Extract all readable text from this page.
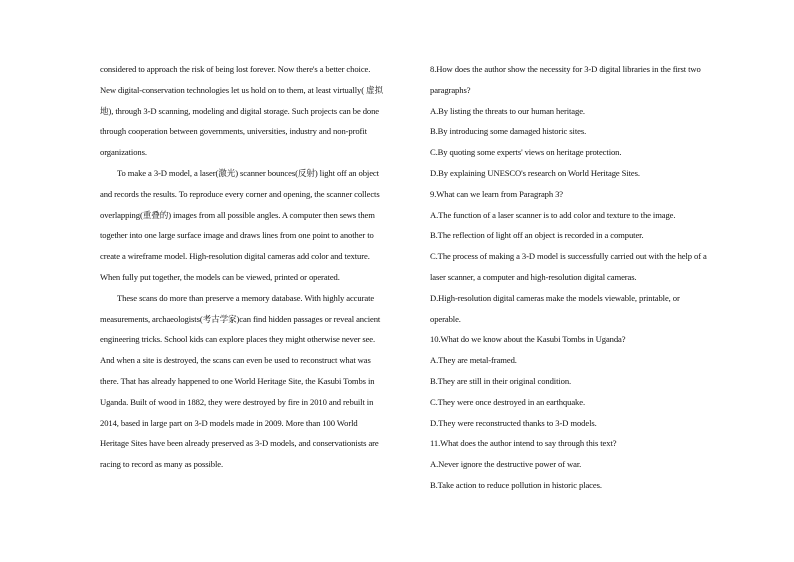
considered to approach the risk of being lost forever. Now there's a better choice.
New digital-conservation technologies let us hold on to them, at least virtually( 虚拟
地), through 3-D scanning, modeling and digital storage. Such projects can be done
through cooperation between governments, universities, industry and non-profit
organizations.
To make a 3-D model, a laser(激光) scanner bounces(反射) light off an object
and records the results. To reproduce every corner and opening, the scanner collects
overlapping(重叠的) images from all possible angles. A computer then sews them
together into one large surface image and draws lines from one point to another to
create a wireframe model. High-resolution digital cameras add color and texture.
When fully put together, the models can be viewed, printed or operated.
These scans do more than preserve a memory database. With highly accurate
measurements, archaeologists(考古学家)can find hidden passages or reveal ancient
engineering tricks. School kids can explore places they might otherwise never see.
And when a site is destroyed, the scans can even be used to reconstruct what was
there. That has already happened to one World Heritage Site, the Kasubi Tombs in
Uganda. Built of wood in 1882, they were destroyed by fire in 2010 and rebuilt in
2014, based in large part on 3-D models made in 2009. More than 100 World
Heritage Sites have been already preserved as 3-D models, and conservationists are
racing to record as many as possible.
8.How does the author show the necessity for 3-D digital libraries in the first two
paragraphs?
A.By listing the threats to our human heritage.
B.By introducing some damaged historic sites.
C.By quoting some experts' views on heritage protection.
D.By explaining UNESCO's research on World Heritage Sites.
9.What can we learn from Paragraph 3?
A.The function of a laser scanner is to add color and texture to the image.
B.The reflection of light off an object is recorded in a computer.
C.The process of making a 3-D model is successfully carried out with the help of a
laser scanner, a computer and high-resolution digital cameras.
D.High-resolution digital cameras make the models viewable, printable, or
operable.
10.What do we know about the Kasubi Tombs in Uganda?
A.They are metal-framed.
B.They are still in their original condition.
C.They were once destroyed in an earthquake.
D.They were reconstructed thanks to 3-D models.
11.What does the author intend to say through this text?
A.Never ignore the destructive power of war.
B.Take action to reduce pollution in historic places.
